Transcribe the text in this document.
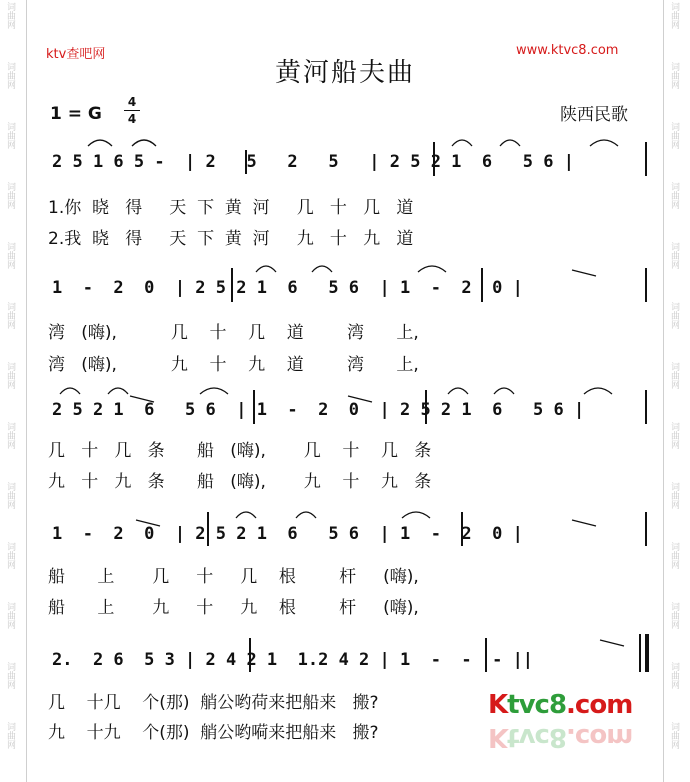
词曲网
词曲网
词曲网
词曲网
词曲网
词曲网
词曲网
词曲网
词曲网
词曲网
词曲网
词曲网
词曲网
词曲网
词曲网
词曲网
词曲网
词曲网
词曲网
词曲网
词曲网
词曲网
词曲网
词曲网
词曲网
词曲网
ktv查吧网	www.ktvc8.com
黄河船夫曲
1 = G
4
4	陕西民歌
2 5 1 6 5 -  | 2   5   2   5   | 2 5 2 1  6   5 6 |
1.你  晓   得     天  下  黄  河     几   十   几   道
2.我  晓   得     天  下  黄  河     九   十   九   道
1  -  2  0  | 2 5 2 1  6   5 6  | 1  -  2  0 |
湾   (嗨),          几    十    几    道        湾      上,
湾   (嗨),          九    十    九    道        湾      上,
2 5 2 1  6   5 6  | 1  -  2  0  | 2 5 2 1  6   5 6 |
几   十   几   条      船   (嗨),       几    十    几   条
九   十   九   条      船   (嗨),       九    十    九   条
1  -  2  0  | 2 5 2 1  6   5 6  | 1  -  2  0 |
船      上       几     十     几    根        杆     (嗨),
船      上       九     十     九    根        杆     (嗨),
2.  2 6  5 3 | 2 4 2 1  1.2 4 2 | 1  -  -  - ||
几    十几    个(那)  艄公哟荷来把船来   搬?
九    十九    个(那)  艄公哟嗬来把船来   搬?
Ktvc8.com
Ktvc8.com
